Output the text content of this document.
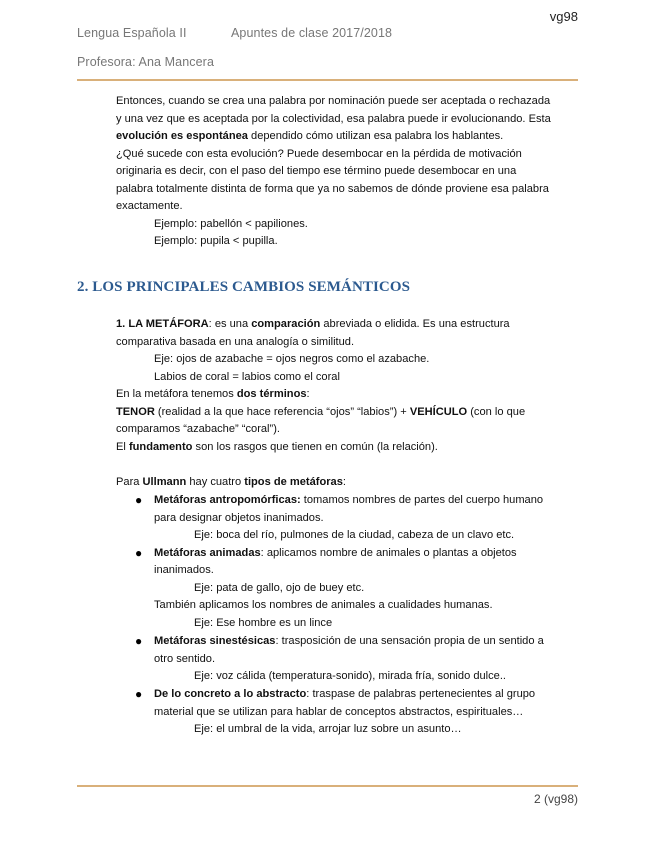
vg98
Lengua Española II	Apuntes de clase 2017/2018
Profesora: Ana Mancera
Entonces, cuando se crea una palabra por nominación puede ser aceptada o rechazada
y una vez que es aceptada por la colectividad, esa palabra puede ir evolucionando. Esta
evolución es espontánea dependido cómo utilizan esa palabra los hablantes.
¿Qué sucede con esta evolución? Puede desembocar en la pérdida de motivación
originaria es decir, con el paso del tiempo ese término puede desembocar en una
palabra totalmente distinta de forma que ya no sabemos de dónde proviene esa palabra
exactamente.
Ejemplo: pabellón < papiliones.
Ejemplo: pupila < pupilla.
2. LOS PRINCIPALES CAMBIOS SEMÁNTICOS
1. LA METÁFORA: es una comparación abreviada o elidida. Es una estructura
comparativa basada en una analogía o similitud.
Eje: ojos de azabache = ojos negros como el azabache.
Labios de coral = labios como el coral
En la metáfora tenemos dos términos:
TENOR (realidad a la que hace referencia “ojos” “labios”) + VEHÍCULO (con lo que
comparamos “azabache” “coral”).
El fundamento son los rasgos que tienen en común (la relación).
Para Ullmann hay cuatro tipos de metáforas:
● Metáforas antropomórficas: tomamos nombres de partes del cuerpo humano
para designar objetos inanimados.
Eje: boca del río, pulmones de la ciudad, cabeza de un clavo etc.
● Metáforas animadas: aplicamos nombre de animales o plantas a objetos
inanimados.
Eje: pata de gallo, ojo de buey etc.
También aplicamos los nombres de animales a cualidades humanas.
Eje: Ese hombre es un lince
● Metáforas sinestésicas: trasposición de una sensación propia de un sentido a
otro sentido.
Eje: voz cálida (temperatura-sonido), mirada fría, sonido dulce..
● De lo concreto a lo abstracto: traspase de palabras pertenecientes al grupo
material que se utilizan para hablar de conceptos abstractos, espirituales…
Eje: el umbral de la vida, arrojar luz sobre un asunto…
2 (vg98)
